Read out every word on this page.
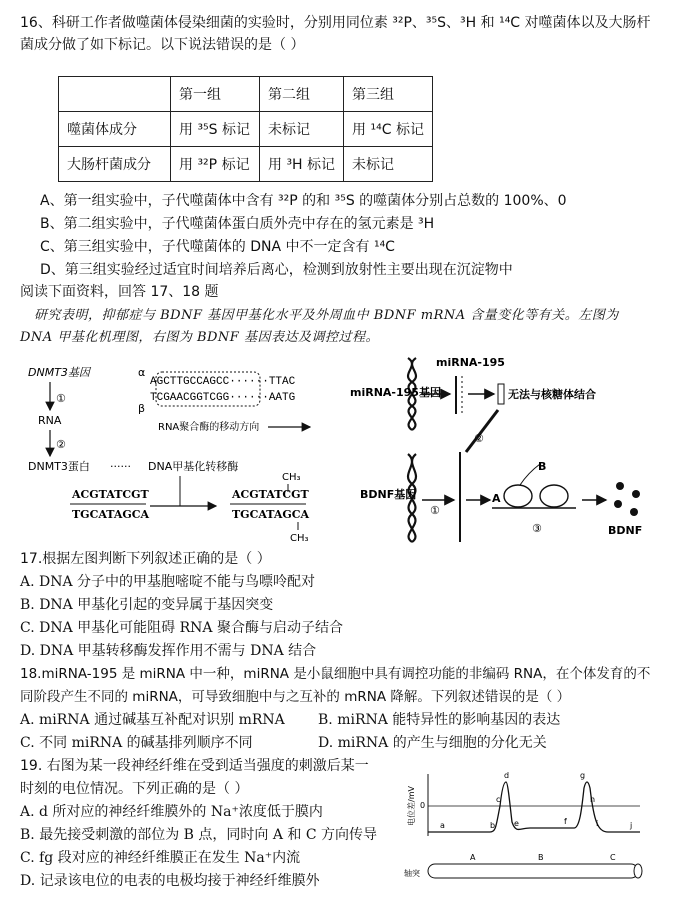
16、科研工作者做噬菌体侵染细菌的实验时，分别用同位素 ³²P、³⁵S、³H 和 ¹⁴C 对噬菌体以及大肠杆
菌成分做了如下标记。以下说法错误的是（ ）
	第一组	第二组	第三组
噬菌体成分	用 ³⁵S 标记	未标记	用 ¹⁴C 标记
大肠杆菌成分	用 ³²P 标记	用 ³H 标记	未标记
A、第一组实验中，子代噬菌体中含有 ³²P 的和 ³⁵S 的噬菌体分别占总数的 100%、0
B、第二组实验中，子代噬菌体蛋白质外壳中存在的氢元素是 ³H
C、第三组实验中，子代噬菌体的 DNA 中不一定含有 ¹⁴C
D、第三组实验经过适宜时间培养后离心，检测到放射性主要出现在沉淀物中
阅读下面资料，回答 17、18 题
研究表明，抑郁症与 BDNF 基因甲基化水平及外周血中 BDNF mRNA 含量变化等有关。左图为
DNA 甲基化机理图，右图为 BDNF 基因表达及调控过程。
DNMT3基因
①
RNA
②
DNMT3蛋白 ······
α
β
AGCTTGCCAGCC······TTAC
TCGAACGGTCGG······AATG
RNA聚合酶的移动方向
DNA甲基化转移酶
ACGTATCGT
TGCATAGCA
CH₃
ACGTATCGT
TGCATAGCA
CH₃
miRNA-195基因
miRNA-195
无法与核糖体结合
②
BDNF基因
①
A
B
③	BDNF
17.根据左图判断下列叙述正确的是（ ）
A. DNA 分子中的甲基胞嘧啶不能与鸟嘌呤配对
B. DNA 甲基化引起的变异属于基因突变
C. DNA 甲基化可能阻碍 RNA 聚合酶与启动子结合
D. DNA 甲基转移酶发挥作用不需与 DNA 结合
18.miRNA-195 是 miRNA 中一种，miRNA 是小鼠细胞中具有调控功能的非编码 RNA，在个体发育的不
同阶段产生不同的 miRNA，可导致细胞中与之互补的 mRNA 降解。下列叙述错误的是（ ）
A. miRNA 通过碱基互补配对识别 mRNA B. miRNA 能特异性的影响基因的表达
C. 不同 miRNA 的碱基排列顺序不同	D. miRNA 的产生与细胞的分化无关
19. 右图为某一段神经纤维在受到适当强度的刺激后某一
时刻的电位情况。下列正确的是（ ）
A. d 所对应的神经纤维膜外的 Na⁺浓度低于膜内
B. 最先接受刺激的部位为 B 点，同时向 A 和 C 方向传导
C. fg 段对应的神经纤维膜正在发生 Na⁺内流
D. 记录该电位的电表的电极均接于神经纤维膜外
电位差/mV 0
a	b
c
d
e	f
g
h
i	j
A	B	C
轴突
